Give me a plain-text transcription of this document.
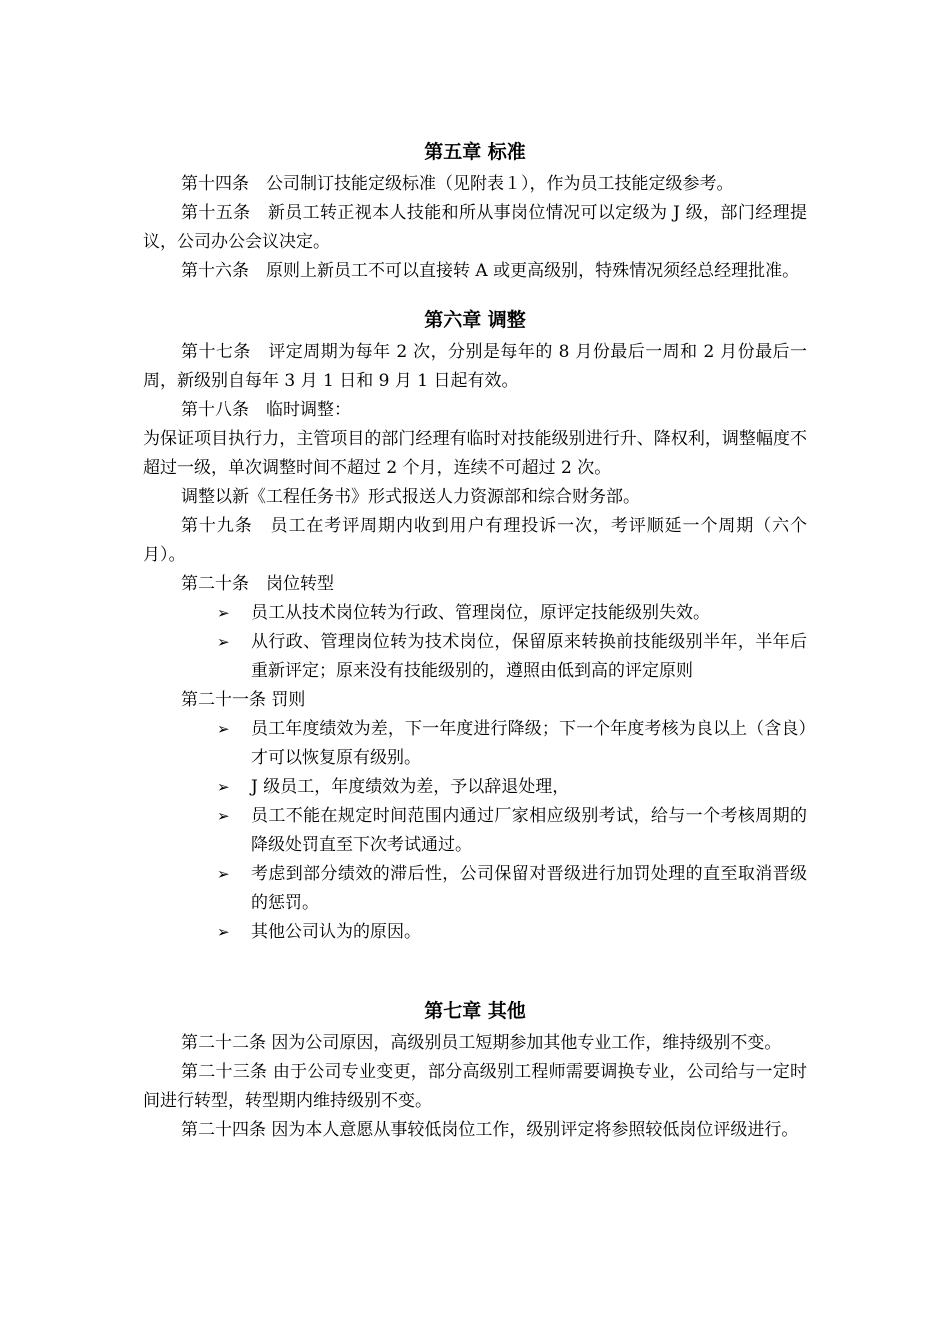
第五章 标准

第十四条　公司制订技能定级标准（见附表１），作为员工技能定级参考。

第十五条　新员工转正视本人技能和所从事岗位情况可以定级为 J 级，部门经理提议，公司办公会议决定。

第十六条　原则上新员工不可以直接转 A 或更高级别，特殊情况须经总经理批准。

第六章 调整

第十七条　评定周期为每年 2 次，分别是每年的 8 月份最后一周和 2 月份最后一周，新级别自每年 3 月 1 日和 9 月 1 日起有效。

第十八条　临时调整：

为保证项目执行力，主管项目的部门经理有临时对技能级别进行升、降权利，调整幅度不超过一级，单次调整时间不超过 2 个月，连续不可超过 2 次。

调整以新《工程任务书》形式报送人力资源部和综合财务部。

第十九条　员工在考评周期内收到用户有理投诉一次，考评顺延一个周期（六个月）。

第二十条　岗位转型

➢	员工从技术岗位转为行政、管理岗位，原评定技能级别失效。
➢	从行政、管理岗位转为技术岗位，保留原来转换前技能级别半年，半年后重新评定；原来没有技能级别的，遵照由低到高的评定原则

第二十一条 罚则

➢	员工年度绩效为差，下一年度进行降级；下一个年度考核为良以上（含良）才可以恢复原有级别。
➢	J 级员工，年度绩效为差，予以辞退处理，
➢	员工不能在规定时间范围内通过厂家相应级别考试，给与一个考核周期的降级处罚直至下次考试通过。
➢	考虑到部分绩效的滞后性，公司保留对晋级进行加罚处理的直至取消晋级的惩罚。
➢	其他公司认为的原因。
第七章 其他

第二十二条 因为公司原因，高级别员工短期参加其他专业工作，维持级别不变。

第二十三条 由于公司专业变更，部分高级别工程师需要调换专业，公司给与一定时间进行转型，转型期内维持级别不变。

第二十四条 因为本人意愿从事较低岗位工作，级别评定将参照较低岗位评级进行。
